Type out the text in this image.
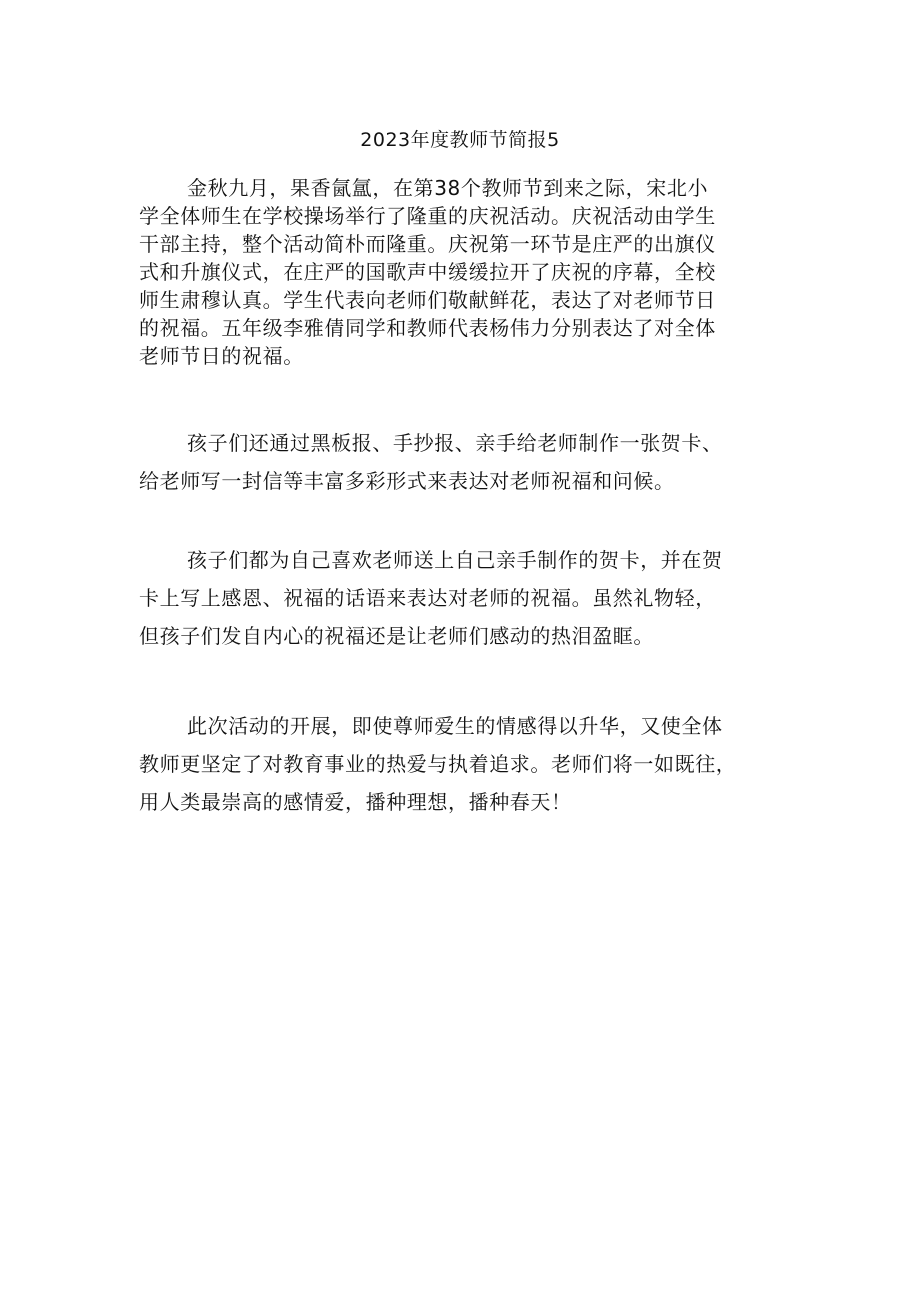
2023年度教师节简报5
金秋九月，果香氤氲，在第38个教师节到来之际，宋北小
学全体师生在学校操场举行了隆重的庆祝活动。庆祝活动由学生
干部主持，整个活动简朴而隆重。庆祝第一环节是庄严的出旗仪
式和升旗仪式，在庄严的国歌声中缓缓拉开了庆祝的序幕，全校
师生肃穆认真。学生代表向老师们敬献鲜花，表达了对老师节日
的祝福。五年级李雅倩同学和教师代表杨伟力分别表达了对全体
老师节日的祝福。
孩子们还通过黑板报、手抄报、亲手给老师制作一张贺卡、
给老师写一封信等丰富多彩形式来表达对老师祝福和问候。
孩子们都为自己喜欢老师送上自己亲手制作的贺卡，并在贺
卡上写上感恩、祝福的话语来表达对老师的祝福。虽然礼物轻，
但孩子们发自内心的祝福还是让老师们感动的热泪盈眶。
此次活动的开展，即使尊师爱生的情感得以升华，又使全体
教师更坚定了对教育事业的热爱与执着追求。老师们将一如既往，
用人类最崇高的感情爱，播种理想，播种春天！
